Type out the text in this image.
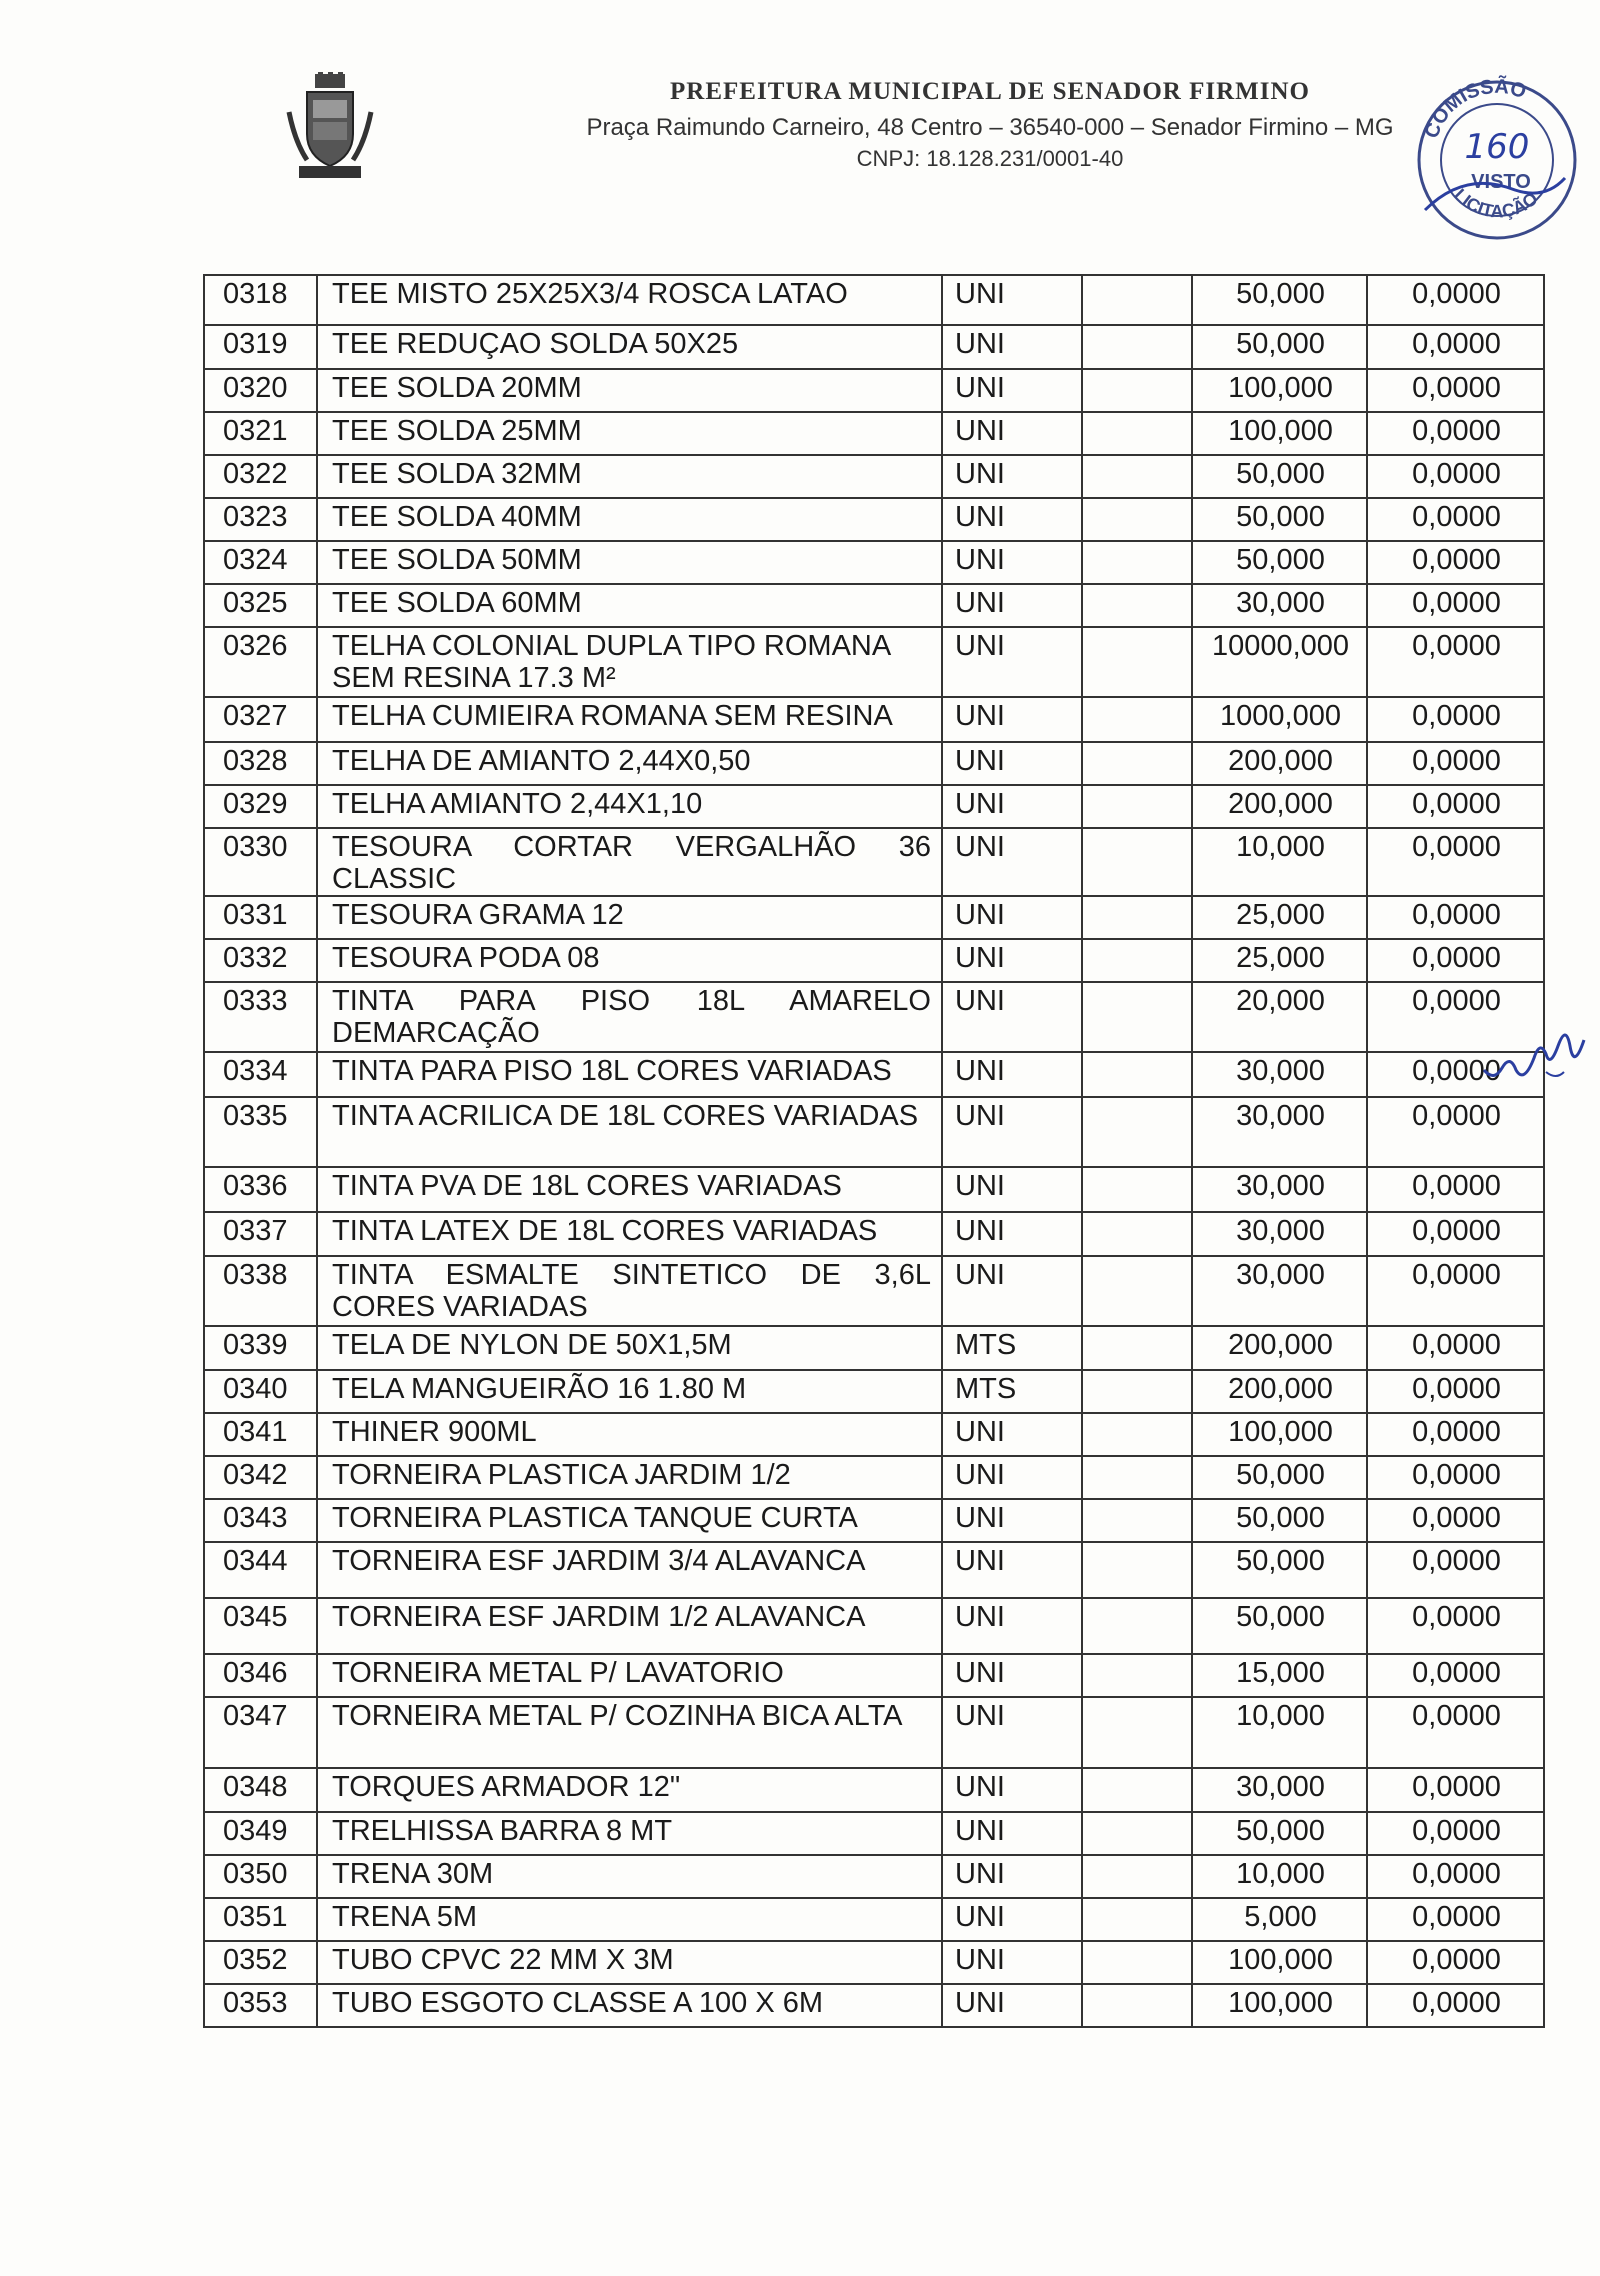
PREFEITURA MUNICIPAL DE SENADOR FIRMINO
Praça Raimundo Carneiro, 48 Centro – 36540-000 – Senador Firmino – MG
CNPJ: 18.128.231/0001-40
COMISSÃO
LICITAÇÃO
160
VISTO
0318	TEE MISTO 25X25X3/4 ROSCA LATAO	UNI		50,000	0,0000
0319	TEE REDUÇAO SOLDA 50X25	UNI		50,000	0,0000
0320	TEE SOLDA 20MM	UNI		100,000	0,0000
0321	TEE SOLDA 25MM	UNI		100,000	0,0000
0322	TEE SOLDA 32MM	UNI		50,000	0,0000
0323	TEE SOLDA 40MM	UNI		50,000	0,0000
0324	TEE SOLDA 50MM	UNI		50,000	0,0000
0325	TEE SOLDA 60MM	UNI		30,000	0,0000
0326	TELHA COLONIAL DUPLA TIPO ROMANA SEM RESINA 17.3 M²	UNI		10000,000	0,0000
0327	TELHA CUMIEIRA ROMANA SEM RESINA	UNI		1000,000	0,0000
0328	TELHA DE AMIANTO 2,44X0,50	UNI		200,000	0,0000
0329	TELHA AMIANTO 2,44X1,10	UNI		200,000	0,0000
0330	TESOURA CORTAR VERGALHÃO 36 CLASSIC	UNI		10,000	0,0000
0331	TESOURA GRAMA 12	UNI		25,000	0,0000
0332	TESOURA PODA 08	UNI		25,000	0,0000
0333	TINTA PARA PISO 18L AMARELO DEMARCAÇÃO	UNI		20,000	0,0000
0334	TINTA PARA PISO 18L CORES VARIADAS	UNI		30,000	0,0000
0335	TINTA ACRILICA DE 18L CORES VARIADAS	UNI		30,000	0,0000
0336	TINTA PVA DE 18L CORES VARIADAS	UNI		30,000	0,0000
0337	TINTA LATEX DE 18L CORES VARIADAS	UNI		30,000	0,0000
0338	TINTA ESMALTE SINTETICO DE 3,6L CORES VARIADAS	UNI		30,000	0,0000
0339	TELA DE NYLON DE 50X1,5M	MTS		200,000	0,0000
0340	TELA MANGUEIRÃO 16 1.80 M	MTS		200,000	0,0000
0341	THINER 900ML	UNI		100,000	0,0000
0342	TORNEIRA PLASTICA JARDIM 1/2	UNI		50,000	0,0000
0343	TORNEIRA PLASTICA TANQUE CURTA	UNI		50,000	0,0000
0344	TORNEIRA ESF JARDIM 3/4 ALAVANCA	UNI		50,000	0,0000
0345	TORNEIRA ESF JARDIM 1/2 ALAVANCA	UNI		50,000	0,0000
0346	TORNEIRA METAL P/ LAVATORIO	UNI		15,000	0,0000
0347	TORNEIRA METAL P/ COZINHA BICA ALTA	UNI		10,000	0,0000
0348	TORQUES ARMADOR 12"	UNI		30,000	0,0000
0349	TRELHISSA BARRA 8 MT	UNI		50,000	0,0000
0350	TRENA 30M	UNI		10,000	0,0000
0351	TRENA 5M	UNI		5,000	0,0000
0352	TUBO CPVC 22 MM X 3M	UNI		100,000	0,0000
0353	TUBO ESGOTO CLASSE A 100 X 6M	UNI		100,000	0,0000
